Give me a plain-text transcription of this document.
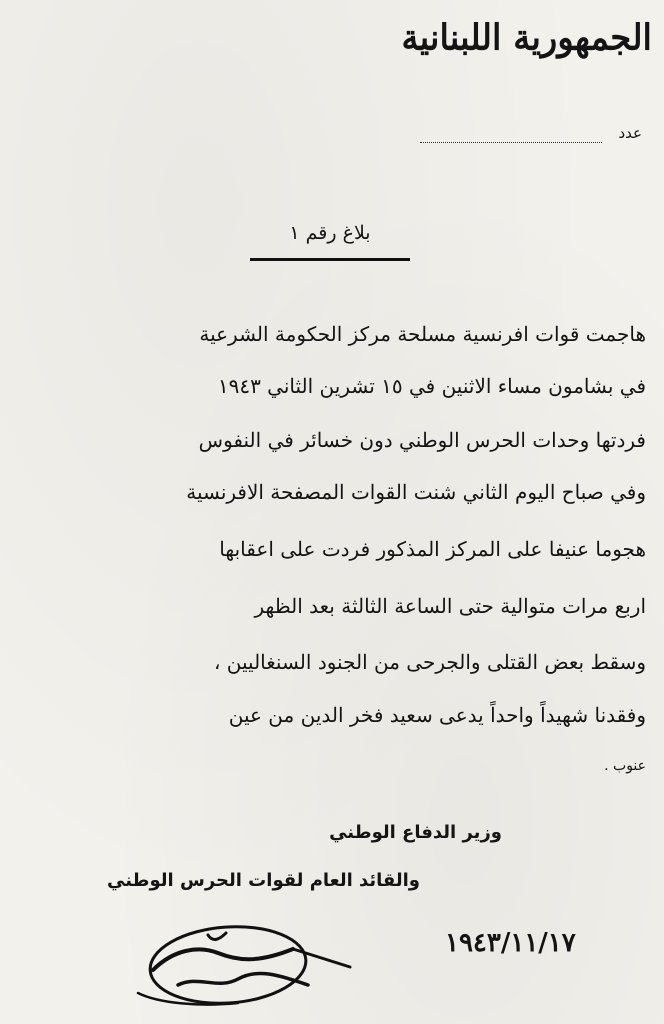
الجمهورية اللبنانية
عدد
بلاغ رقم ١
هاجمت قوات افرنسية مسلحة مركز الحكومة الشرعية
في بشامون مساء الاثنين في ١٥ تشرين الثاني ١٩٤٣
فردتها وحدات الحرس الوطني دون خسائر في النفوس
وفي صباح اليوم الثاني شنت القوات المصفحة الافرنسية
هجوما عنيفا على المركز المذكور فردت على اعقابها
اربع مرات متوالية حتى الساعة الثالثة بعد الظهر
وسقط بعض القتلى والجرحى من الجنود السنغاليين ،
وفقدنا شهيداً واحداً يدعى سعيد فخر الدين من عين
عنوب .
وزير الدفاع الوطني
والقائد العام لقوات الحرس الوطني
١٩٤٣/١١/١٧
